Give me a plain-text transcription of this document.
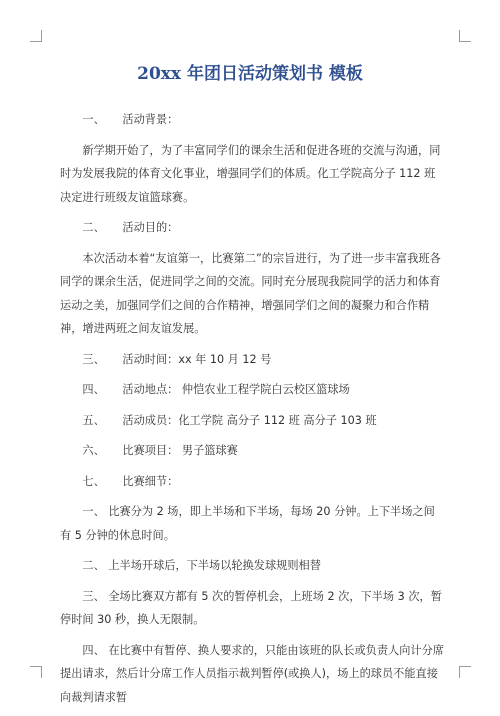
20xx 年团日活动策划书 模板

一、 活动背景：

新学期开始了，为了丰富同学们的课余生活和促进各班的交流与沟通，同时为发展我院的体育文化事业，增强同学们的体质。化工学院高分子 112 班决定进行班级友谊篮球赛。

二、 活动目的：

本次活动本着“友谊第一，比赛第二”的宗旨进行，为了进一步丰富我班各同学的课余生活，促进同学之间的交流。同时充分展现我院同学的活力和体育运动之美，加强同学们之间的合作精神，增强同学们之间的凝聚力和合作精神，增进两班之间友谊发展。

三、 活动时间：xx 年 10 月 12 号

四、 活动地点： 仲恺农业工程学院白云校区篮球场

五、 活动成员：化工学院 高分子 112 班 高分子 103 班

六、 比赛项目： 男子篮球赛

七、 比赛细节：

一、 比赛分为 2 场，即上半场和下半场，每场 20 分钟。上下半场之间有 5 分钟的休息时间。

二、 上半场开球后，下半场以轮换发球规则相替

三、 全场比赛双方都有 5 次的暂停机会，上班场 2 次，下半场 3 次，暂停时间 30 秒，换人无限制。

四、 在比赛中有暂停、换人要求的，只能由该班的队长或负责人向计分席提出请求，然后计分席工作人员指示裁判暂停(或换人)，场上的球员不能直接向裁判请求暂
